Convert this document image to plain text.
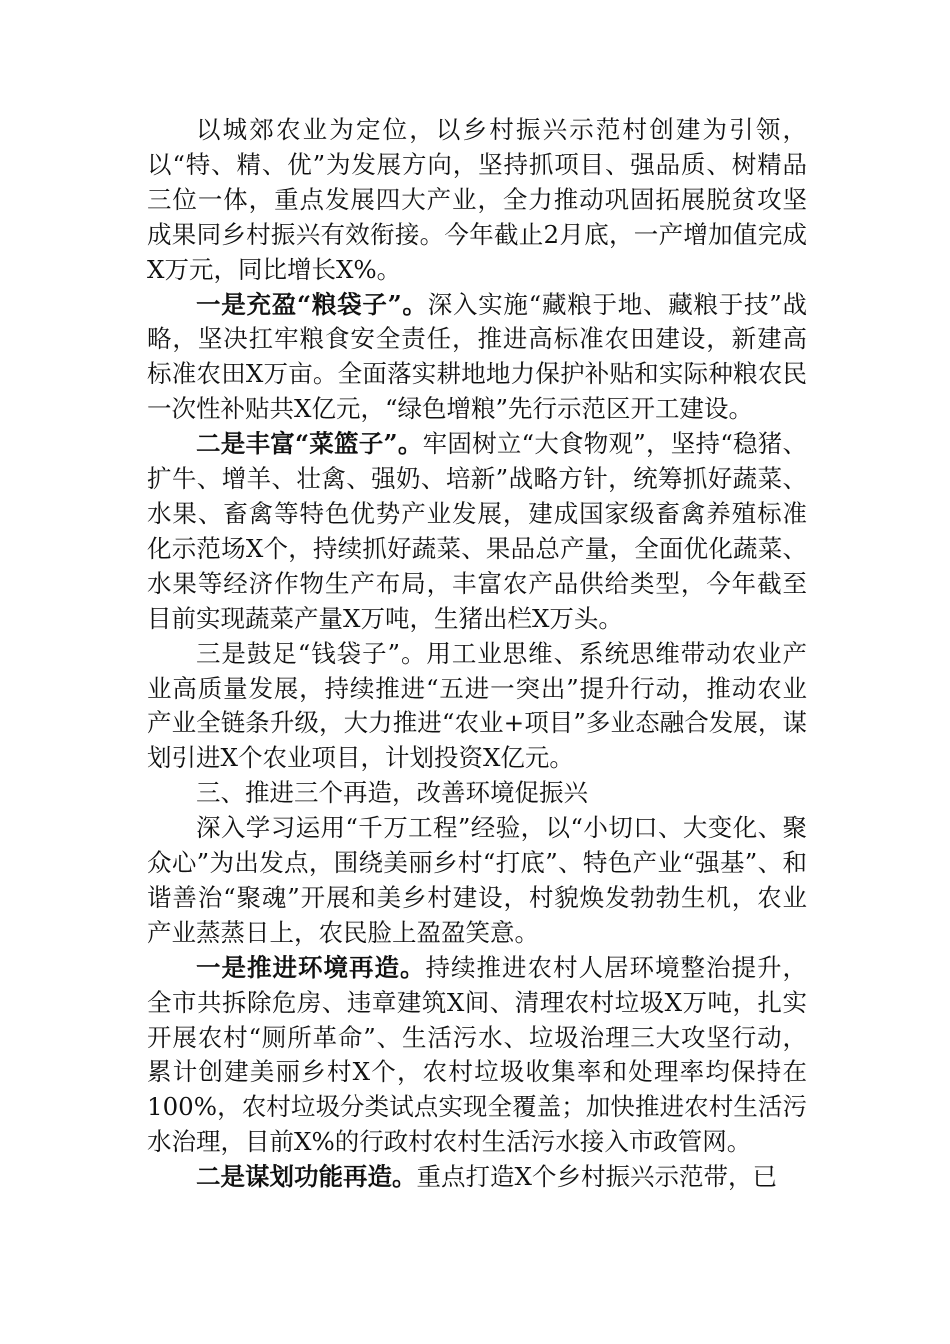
以城郊农业为定位，以乡村振兴示范村创建为引领，以“特、精、优”为发展方向，坚持抓项目、强品质、树精品三位一体，重点发展四大产业，全力推动巩固拓展脱贫攻坚成果同乡村振兴有效衔接。今年截止2月底，一产增加值完成X万元，同比增长X%。

一是充盈“粮袋子”。深入实施“藏粮于地、藏粮于技”战略，坚决扛牢粮食安全责任，推进高标准农田建设，新建高标准农田X万亩。全面落实耕地地力保护补贴和实际种粮农民一次性补贴共X亿元，“绿色增粮”先行示范区开工建设。

二是丰富“菜篮子”。牢固树立“大食物观”，坚持“稳猪、扩牛、增羊、壮禽、强奶、培新”战略方针，统筹抓好蔬菜、水果、畜禽等特色优势产业发展，建成国家级畜禽养殖标准化示范场X个，持续抓好蔬菜、果品总产量，全面优化蔬菜、水果等经济作物生产布局，丰富农产品供给类型，今年截至目前实现蔬菜产量X万吨，生猪出栏X万头。

三是鼓足“钱袋子”。用工业思维、系统思维带动农业产业高质量发展，持续推进“五进一突出”提升行动，推动农业产业全链条升级，大力推进“农业+项目”多业态融合发展，谋划引进X个农业项目，计划投资X亿元。

三、推进三个再造，改善环境促振兴

深入学习运用“千万工程”经验，以“小切口、大变化、聚众心”为出发点，围绕美丽乡村“打底”、特色产业“强基”、和谐善治“聚魂”开展和美乡村建设，村貌焕发勃勃生机，农业产业蒸蒸日上，农民脸上盈盈笑意。

一是推进环境再造。持续推进农村人居环境整治提升，全市共拆除危房、违章建筑X间、清理农村垃圾X万吨，扎实开展农村“厕所革命”、生活污水、垃圾治理三大攻坚行动，累计创建美丽乡村X个，农村垃圾收集率和处理率均保持在100%，农村垃圾分类试点实现全覆盖；加快推进农村生活污水治理，目前X%的行政村农村生活污水接入市政管网。

二是谋划功能再造。重点打造X个乡村振兴示范带，已
